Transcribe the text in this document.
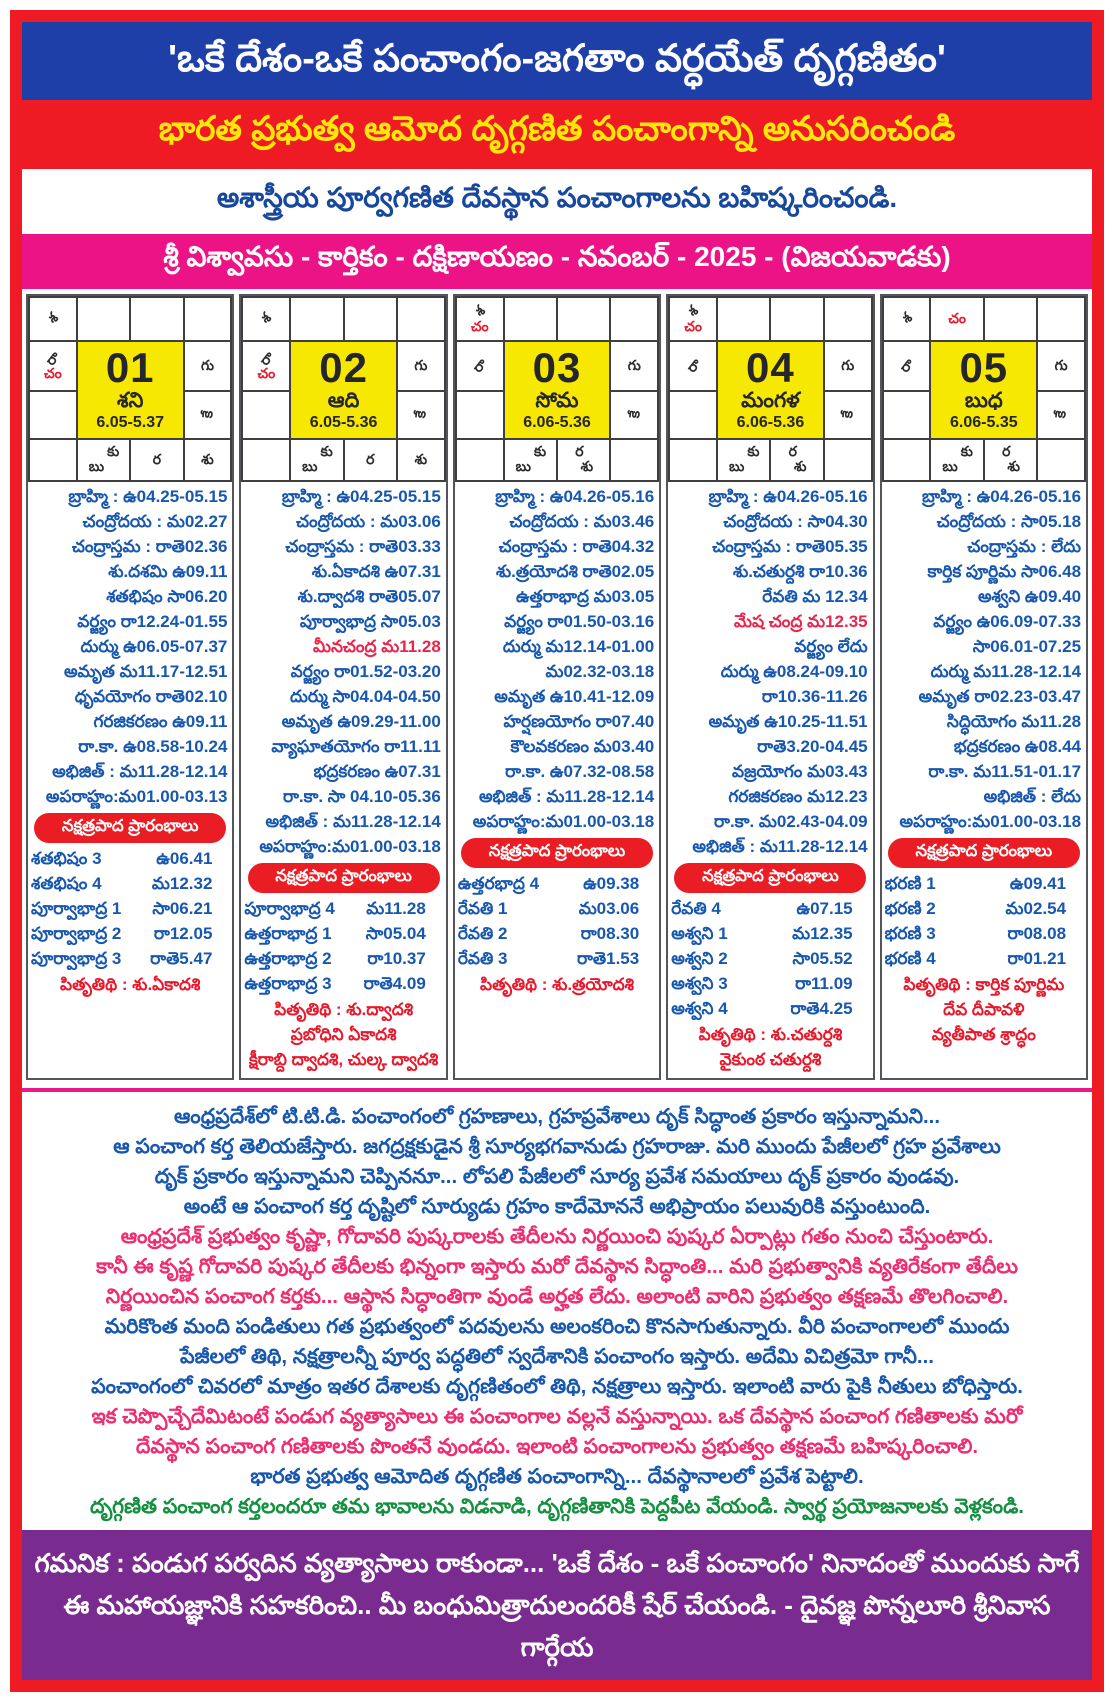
'ఒకే దేశం-ఒకే పంచాంగం-జగతాం వర్ధయేత్ దృగ్గణితం'
భారత ప్రభుత్వ ఆమోద దృగ్గణిత పంచాంగాన్ని అనుసరించండి
అశాస్త్రీయ పూర్వగణిత దేవస్థాన పంచాంగాలను బహిష్కరించండి.
శ్రీ విశ్వావసు - కార్తికం - దక్షిణాయణం - నవంబర్ - 2025 - (విజయవాడకు)
శ
రా
చం	గు
కే
బు
కు ర	శు
01
శని
6.05-5.37
బ్రాహ్మి : ఉ04.25-05.15
చంద్రోదయ : మ02.27
చంద్రాస్తమ : రాతె02.36
శు.దశమి ఉ09.11
శతభిషం సా06.20
వర్జ్యం రా12.24-01.55
దుర్ము ఉ06.05-07.37
అమృత మ11.17-12.51
ధృవయోగం రాతె02.10
గరజికరణం ఉ09.11
రా.కా. ఉ08.58-10.24
అభిజిత్ : మ11.28-12.14
అపరాహ్ణం:మ01.00-03.13
నక్షత్రపాద ప్రారంభాలు
శతభిషం 3	ఉ06.41
శతభిషం 4	మ12.32
పూర్వాభాద్ర 1 సా06.21
పూర్వాభాద్ర 2 రా12.05
పూర్వాభాద్ర 3 రాతె5.47
పితృతిథి : శు.ఏకాదశి
శ
రా
చం	గు
కే
బు
కు ర	శు
02
ఆది
6.05-5.36
బ్రాహ్మి : ఉ04.25-05.15
చంద్రోదయ : మ03.06
చంద్రాస్తమ : రాతె03.33
శు.ఏకాదశి ఉ07.31
శు.ద్వాదశి రాతె05.07
పూర్వాభాద్ర సా05.03
మీనచంద్ర మ11.28
వర్జ్యం రా01.52-03.20
దుర్ము సా04.04-04.50
అమృత ఉ09.29-11.00
వ్యాఘాతయోగం రా11.11
భద్రకరణం ఉ07.31
రా.కా. సా 04.10-05.36
అభిజిత్ : మ11.28-12.14
అపరాహ్ణం:మ01.00-03.18
నక్షత్రపాద ప్రారంభాలు
పూర్వాభాద్ర 4 మ11.28
ఉత్తరాభాద్ర 1 సా05.04
ఉత్తరాభాద్ర 2 రా10.37
ఉత్తరాభాద్ర 3 రాతె4.09
పితృతిథి : శు.ద్వాదశి
ప్రబోధిని ఏకాదశి
క్షీరాబ్ది ద్వాదశి, చుల్క ద్వాదశి
శ
చం
రా	గు
కే
బు
కు ర
శు
03
సోమ
6.06-5.36
బ్రాహ్మి : ఉ04.26-05.16
చంద్రోదయ : మ03.46
చంద్రాస్తమ : రాతె04.32
శు.త్రయోదశి రాతె02.05
ఉత్తరాభాద్ర మ03.05
వర్జ్యం రా01.50-03.16
దుర్ము మ12.14-01.00
మ02.32-03.18
అమృత ఉ10.41-12.09
హర్షణయోగం రా07.40
కౌలవకరణం మ03.40
రా.కా. ఉ07.32-08.58
అభిజిత్ : మ11.28-12.14
అపరాహ్ణం:మ01.00-03.18
నక్షత్రపాద ప్రారంభాలు
ఉత్తరభాద్ర 4	ఉ09.38
రేవతి 1	మ03.06
రేవతి 2	రా08.30
రేవతి 3	రాతె1.53
పితృతిథి : శు.త్రయోదశి
శ
చం
రా	గు
కే
బు
కు ర
శు
04
మంగళ
6.06-5.36
బ్రాహ్మి : ఉ04.26-05.16
చంద్రోదయ : సా04.30
చంద్రాస్తమ : రాతె05.35
శు.చతుర్దశి రా10.36
రేవతి మ 12.34
మేష చంద్ర మ12.35
వర్జ్యం లేదు
దుర్ము ఉ08.24-09.10
రా10.36-11.26
అమృత ఉ10.25-11.51
రాతె3.20-04.45
వజ్రయోగం మ03.43
గరజికరణం మ12.23
రా.కా. మ02.43-04.09
అభిజిత్ : మ11.28-12.14
నక్షత్రపాద ప్రారంభాలు
రేవతి 4	ఉ07.15
అశ్వని 1	మ12.35
అశ్వని 2	సా05.52
అశ్వని 3	రా11.09
అశ్వని 4	రాతె4.25
పితృతిథి : శు.చతుర్దశి
వైకుంఠ చతుర్దశి
శ చం
రా	గు
కే
బు
కు ర
శు
05
బుధ
6.06-5.35
బ్రాహ్మి : ఉ04.26-05.16
చంద్రోదయ : సా05.18
చంద్రాస్తమ : లేదు
కార్తిక పూర్ణిమ సా06.48
అశ్వని ఉ09.40
వర్జ్యం ఉ06.09-07.33
సా06.01-07.25
దుర్ము మ11.28-12.14
అమృత రా02.23-03.47
సిద్ధియోగం మ11.28
భద్రకరణం ఉ08.44
రా.కా. మ11.51-01.17
అభిజిత్ : లేదు
అపరాహ్ణం:మ01.00-03.18
నక్షత్రపాద ప్రారంభాలు
భరణి 1	ఉ09.41
భరణి 2	మ02.54
భరణి 3	రా08.08
భరణి 4	రా01.21
పితృతిథి : కార్తిక పూర్ణిమ
దేవ దీపావళి
వ్యతీపాత శ్రాద్ధం
ఆంధ్రప్రదేశ్‌లో టి.టి.డి. పంచాంగంలో గ్రహణాలు, గ్రహప్రవేశాలు దృక్ సిద్ధాంత ప్రకారం ఇస్తున్నామని...
ఆ పంచాంగ కర్త తెలియజేస్తారు. జగద్రక్షకుడైన శ్రీ సూర్యభగవానుడు గ్రహరాజు. మరి ముందు పేజీలలో గ్రహ ప్రవేశాలు
దృక్ ప్రకారం ఇస్తున్నామని చెప్పిననూ... లోపలి పేజీలలో సూర్య ప్రవేశ సమయాలు దృక్ ప్రకారం వుండవు.
అంటే ఆ పంచాంగ కర్త దృష్టిలో సూర్యుడు గ్రహం కాదేమోననే అభిప్రాయం పలువురికి వస్తుంటుంది.
ఆంధ్రప్రదేశ్ ప్రభుత్వం కృష్ణా, గోదావరి పుష్కరాలకు తేదీలను నిర్ణయించి పుష్కర ఏర్పాట్లు గతం నుంచి చేస్తుంటారు.
కానీ ఈ కృష్ణ గోదావరి పుష్కర తేదీలకు భిన్నంగా ఇస్తారు మరో దేవస్థాన సిద్ధాంతి... మరి ప్రభుత్వానికి వ్యతిరేకంగా తేదీలు
నిర్ణయించిన పంచాంగ కర్తకు... ఆస్థాన సిద్ధాంతిగా వుండే అర్హత లేదు. అలాంటి వారిని ప్రభుత్వం తక్షణమే తొలగించాలి.
మరికొంత మంది పండితులు గత ప్రభుత్వంలో పదవులను అలంకరించి కొనసాగుతున్నారు. వీరి పంచాంగాలలో ముందు
పేజీలలో తిథి, నక్షత్రాలన్నీ పూర్వ పద్ధతిలో స్వదేశానికి పంచాంగం ఇస్తారు. అదేమి విచిత్రమో గానీ...
పంచాంగంలో చివరలో మాత్రం ఇతర దేశాలకు దృగ్గణితంలో తిథి, నక్షత్రాలు ఇస్తారు. ఇలాంటి వారు పైకి నీతులు బోధిస్తారు.
ఇక చెప్పొచ్చేదేమిటంటే పండుగ వ్యత్యాసాలు ఈ పంచాంగాల వల్లనే వస్తున్నాయి. ఒక దేవస్థాన పంచాంగ గణితాలకు మరో
దేవస్థాన పంచాంగ గణితాలకు పొంతనే వుండదు. ఇలాంటి పంచాంగాలను ప్రభుత్వం తక్షణమే బహిష్కరించాలి.
భారత ప్రభుత్వ ఆమోదిత దృగ్గణిత పంచాంగాన్ని... దేవస్థానాలలో ప్రవేశ పెట్టాలి.
దృగ్గణిత పంచాంగ కర్తలందరూ తమ భావాలను విడనాడి, దృగ్గణితానికి పెద్దపీట వేయండి. స్వార్థ ప్రయోజనాలకు వెళ్లకండి.
గమనిక : పండుగ పర్వదిన వ్యత్యాసాలు రాకుండా... 'ఒకే దేశం - ఒకే పంచాంగం' నినాదంతో ముందుకు సాగే
ఈ మహాయజ్ఞానికి సహకరించి.. మీ బంధుమిత్రాదులందరికీ షేర్ చేయండి. - దైవజ్ఞ పొన్నలూరి శ్రీనివాస గార్గేయ
